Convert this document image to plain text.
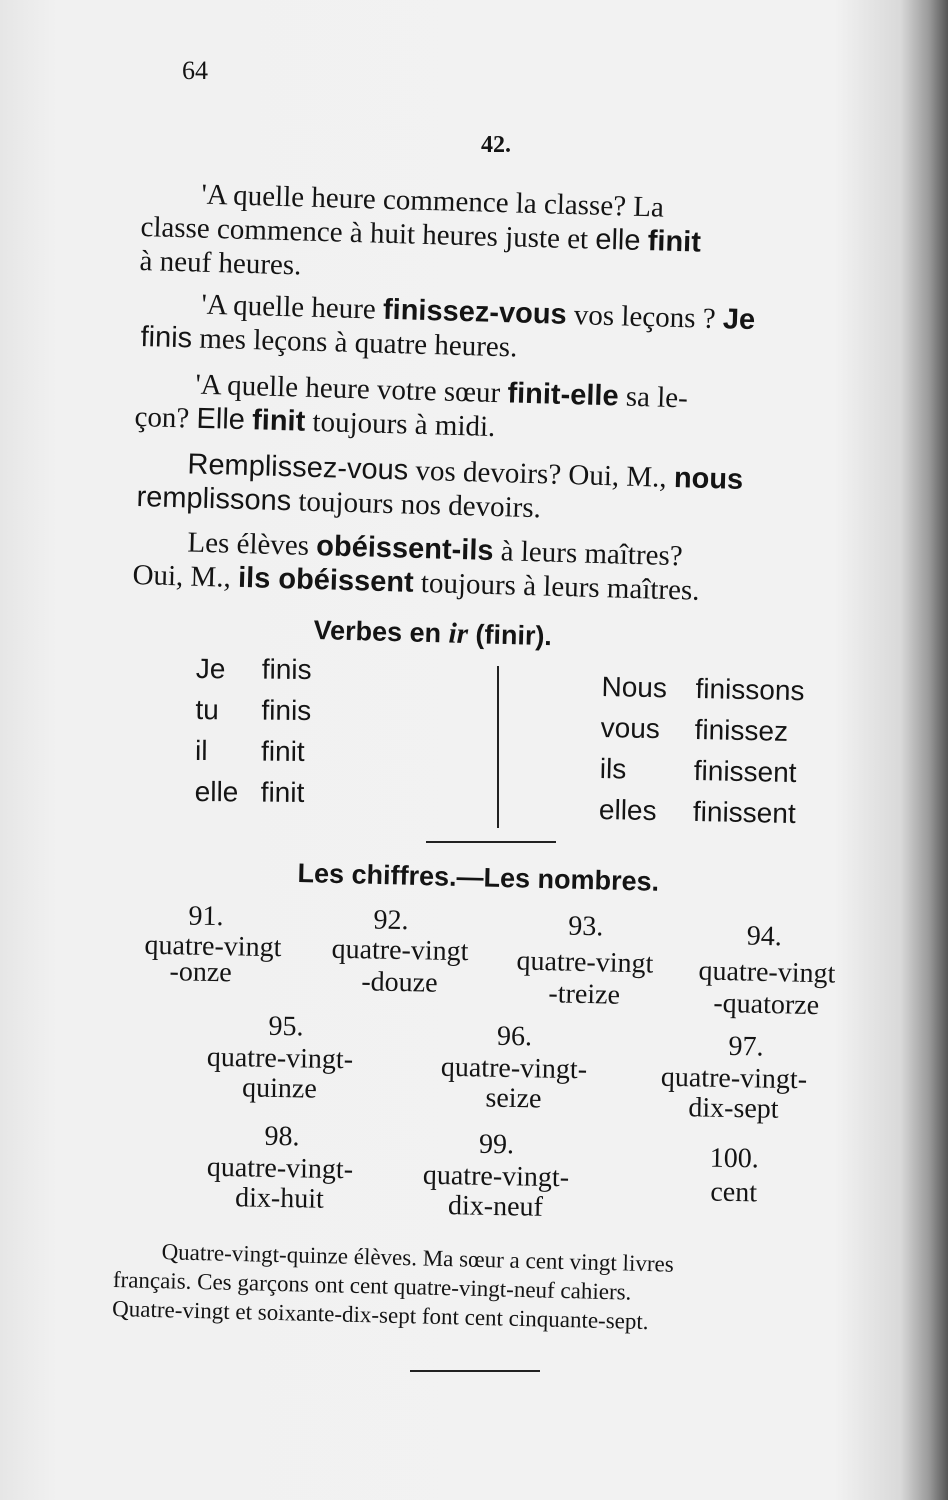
64
42.
'A quelle heure commence la classe? La
classe commence à huit heures juste et elle finit
à neuf heures.
'A quelle heure finissez-vous vos leçons ? Je
finis mes leçons à quatre heures.
'A quelle heure votre sœur finit-elle sa le-
çon? Elle finit toujours à midi.
Remplissez-vous vos devoirs? Oui, M., nous
remplissons toujours nos devoirs.
Les élèves obéissent-ils à leurs maîtres?
Oui, M., ils obéissent toujours à leurs maîtres.
Verbes en ir (finir).
Je finis
tu finis
il finit
elle finit
Nous finissons
vous finissez
ils finissent
elles finissent
Les chiffres.—Les nombres.
91.
quatre-vingt
-onze
92.
quatre-vingt
-douze
93.
quatre-vingt
-treize
94.
quatre-vingt
-quatorze
95.
quatre-vingt-
quinze
96.
quatre-vingt-
seize
97.
quatre-vingt-
dix-sept
98.
quatre-vingt-
dix-huit
99.
quatre-vingt-
dix-neuf
100.
cent
Quatre-vingt-quinze élèves. Ma sœur a cent vingt livres
français. Ces garçons ont cent quatre-vingt-neuf cahiers.
Quatre-vingt et soixante-dix-sept font cent cinquante-sept.
